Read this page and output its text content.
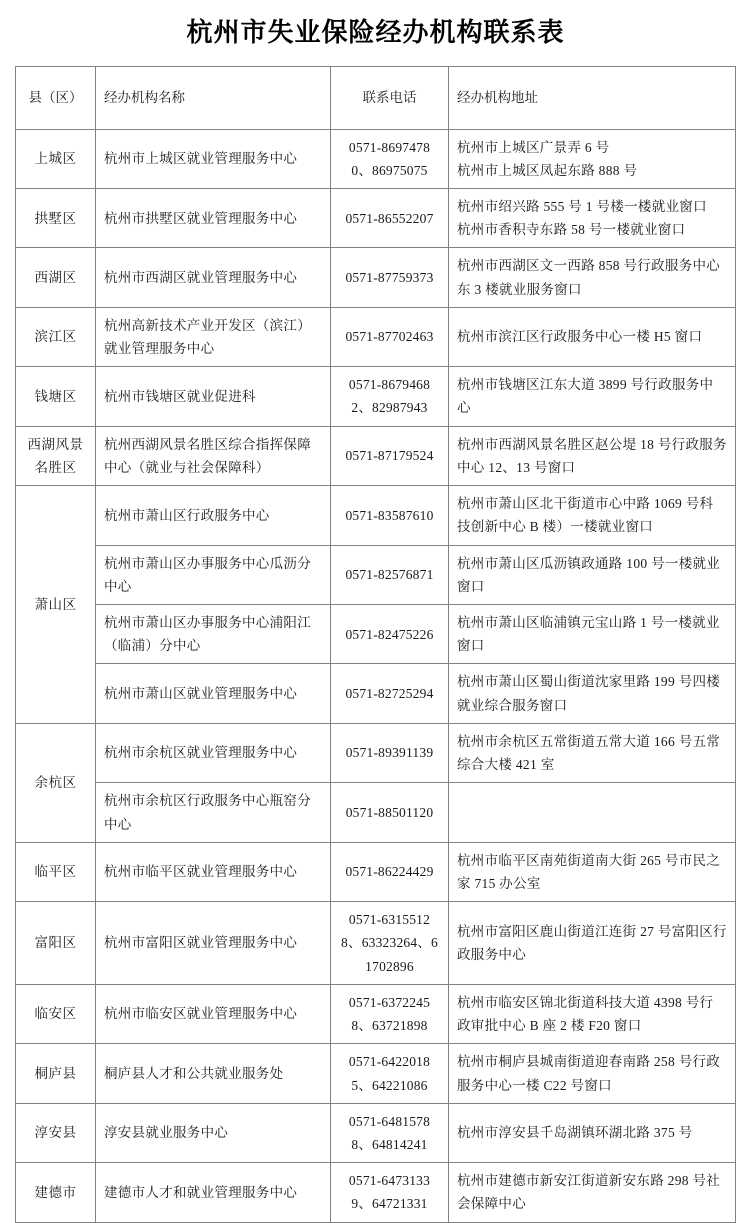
杭州市失业保险经办机构联系表
县（区）	经办机构名称	联系电话	经办机构地址
上城区	杭州市上城区就业管理服务中心	0571-86974780、86975075	杭州市上城区广景弄 6 号
杭州市上城区凤起东路 888 号
拱墅区	杭州市拱墅区就业管理服务中心	0571-86552207	杭州市绍兴路 555 号 1 号楼一楼就业窗口
杭州市香积寺东路 58 号一楼就业窗口
西湖区	杭州市西湖区就业管理服务中心	0571-87759373	杭州市西湖区文一西路 858 号行政服务中心东 3 楼就业服务窗口
滨江区	杭州高新技术产业开发区（滨江）就业管理服务中心	0571-87702463	杭州市滨江区行政服务中心一楼 H5 窗口
钱塘区	杭州市钱塘区就业促进科	0571-86794682、82987943	杭州市钱塘区江东大道 3899 号行政服务中心
西湖风景名胜区	杭州西湖风景名胜区综合指挥保障中心（就业与社会保障科）	0571-87179524	杭州市西湖风景名胜区赵公堤 18 号行政服务中心 12、13 号窗口
萧山区	杭州市萧山区行政服务中心	0571-83587610	杭州市萧山区北干街道市心中路 1069 号科技创新中心 B 楼）一楼就业窗口
	杭州市萧山区办事服务中心瓜沥分中心	0571-82576871	杭州市萧山区瓜沥镇政通路 100 号一楼就业窗口
	杭州市萧山区办事服务中心浦阳江（临浦）分中心	0571-82475226	杭州市萧山区临浦镇元宝山路 1 号一楼就业窗口
	杭州市萧山区就业管理服务中心	0571-82725294	杭州市萧山区蜀山街道沈家里路 199 号四楼就业综合服务窗口
余杭区	杭州市余杭区就业管理服务中心	0571-89391139	杭州市余杭区五常街道五常大道 166 号五常综合大楼 421 室
	杭州市余杭区行政服务中心瓶窑分中心	0571-88501120	
临平区	杭州市临平区就业管理服务中心	0571-86224429	杭州市临平区南苑街道南大街 265 号市民之家 715 办公室
富阳区	杭州市富阳区就业管理服务中心	0571-63155128、63323264、61702896	杭州市富阳区鹿山街道江连街 27 号富阳区行政服务中心
临安区	杭州市临安区就业管理服务中心	0571-63722458、63721898	杭州市临安区锦北街道科技大道 4398 号行政审批中心 B 座 2 楼 F20 窗口
桐庐县	桐庐县人才和公共就业服务处	0571-64220185、64221086	杭州市桐庐县城南街道迎春南路 258 号行政服务中心一楼 C22 号窗口
淳安县	淳安县就业服务中心	0571-64815788、64814241	杭州市淳安县千岛湖镇环湖北路 375 号
建德市	建德市人才和就业管理服务中心	0571-64731339、64721331	杭州市建德市新安江街道新安东路 298 号社会保障中心
